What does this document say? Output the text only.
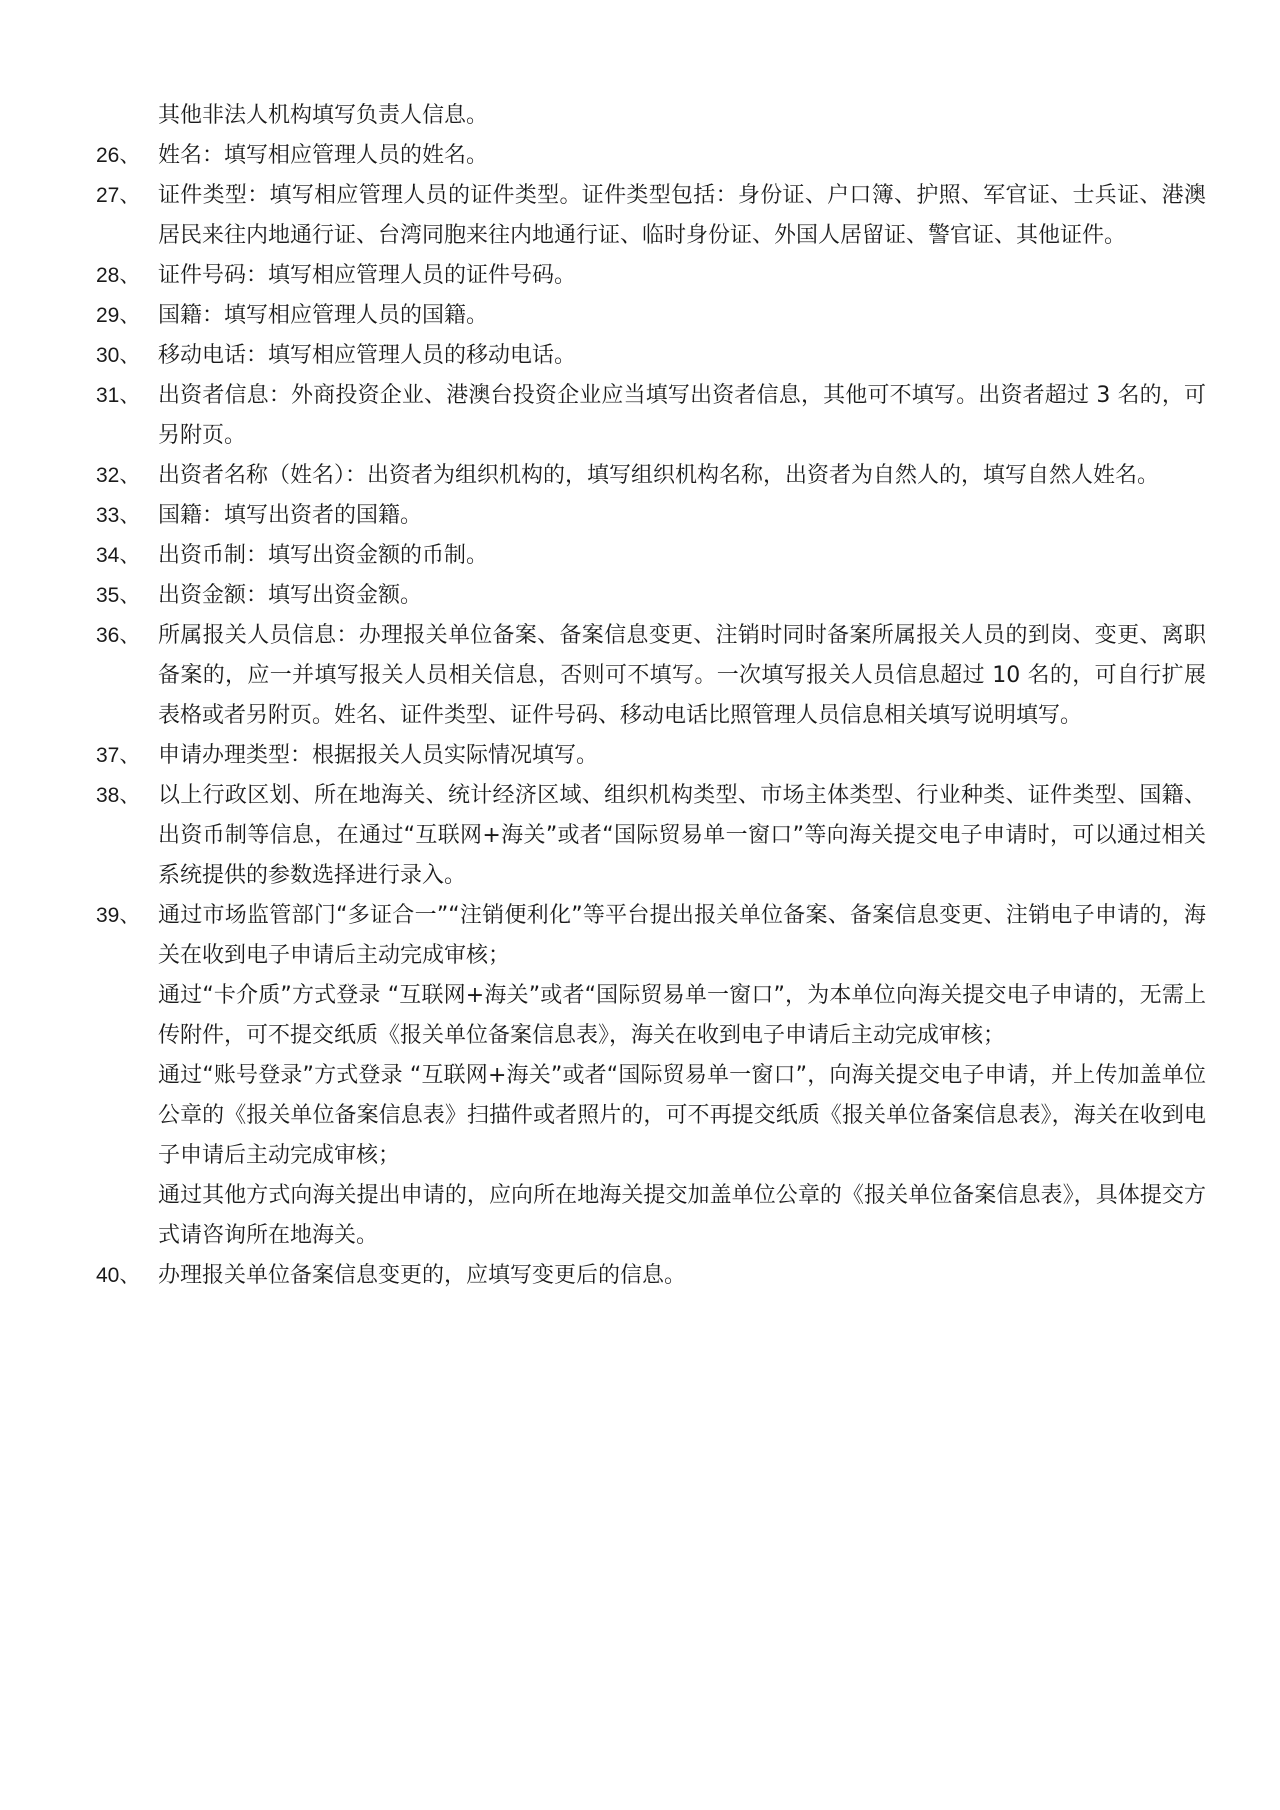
其他非法人机构填写负责人信息。
26、 姓名：填写相应管理人员的姓名。

27、 证件类型：填写相应管理人员的证件类型。证件类型包括：身份证、户口簿、护照、军官证、士兵证、港澳居民来往内地通行证、台湾同胞来往内地通行证、临时身份证、外国人居留证、警官证、其他证件。

28、 证件号码：填写相应管理人员的证件号码。

29、 国籍：填写相应管理人员的国籍。

30、 移动电话：填写相应管理人员的移动电话。

31、 出资者信息：外商投资企业、港澳台投资企业应当填写出资者信息，其他可不填写。出资者超过 3 名的，可另附页。

32、 出资者名称（姓名）：出资者为组织机构的，填写组织机构名称，出资者为自然人的，填写自然人姓名。

33、 国籍：填写出资者的国籍。

34、 出资币制：填写出资金额的币制。

35、 出资金额：填写出资金额。

36、 所属报关人员信息：办理报关单位备案、备案信息变更、注销时同时备案所属报关人员的到岗、变更、离职备案的，应一并填写报关人员相关信息，否则可不填写。一次填写报关人员信息超过 10 名的，可自行扩展表格或者另附页。姓名、证件类型、证件号码、移动电话比照管理人员信息相关填写说明填写。

37、 申请办理类型：根据报关人员实际情况填写。

38、 以上行政区划、所在地海关、统计经济区域、组织机构类型、市场主体类型、行业种类、证件类型、国籍、出资币制等信息，在通过“互联网+海关”或者“国际贸易单一窗口”等向海关提交电子申请时，可以通过相关系统提供的参数选择进行录入。

39、 通过市场监管部门“多证合一”“注销便利化”等平台提出报关单位备案、备案信息变更、注销电子申请的，海关在收到电子申请后主动完成审核；

通过“卡介质”方式登录 “互联网+海关”或者“国际贸易单一窗口”，为本单位向海关提交电子申请的，无需上传附件，可不提交纸质《报关单位备案信息表》，海关在收到电子申请后主动完成审核；

通过“账号登录”方式登录 “互联网+海关”或者“国际贸易单一窗口”，向海关提交电子申请，并上传加盖单位公章的《报关单位备案信息表》扫描件或者照片的，可不再提交纸质《报关单位备案信息表》，海关在收到电子申请后主动完成审核；

通过其他方式向海关提出申请的，应向所在地海关提交加盖单位公章的《报关单位备案信息表》，具体提交方式请咨询所在地海关。

40、 办理报关单位备案信息变更的，应填写变更后的信息。
